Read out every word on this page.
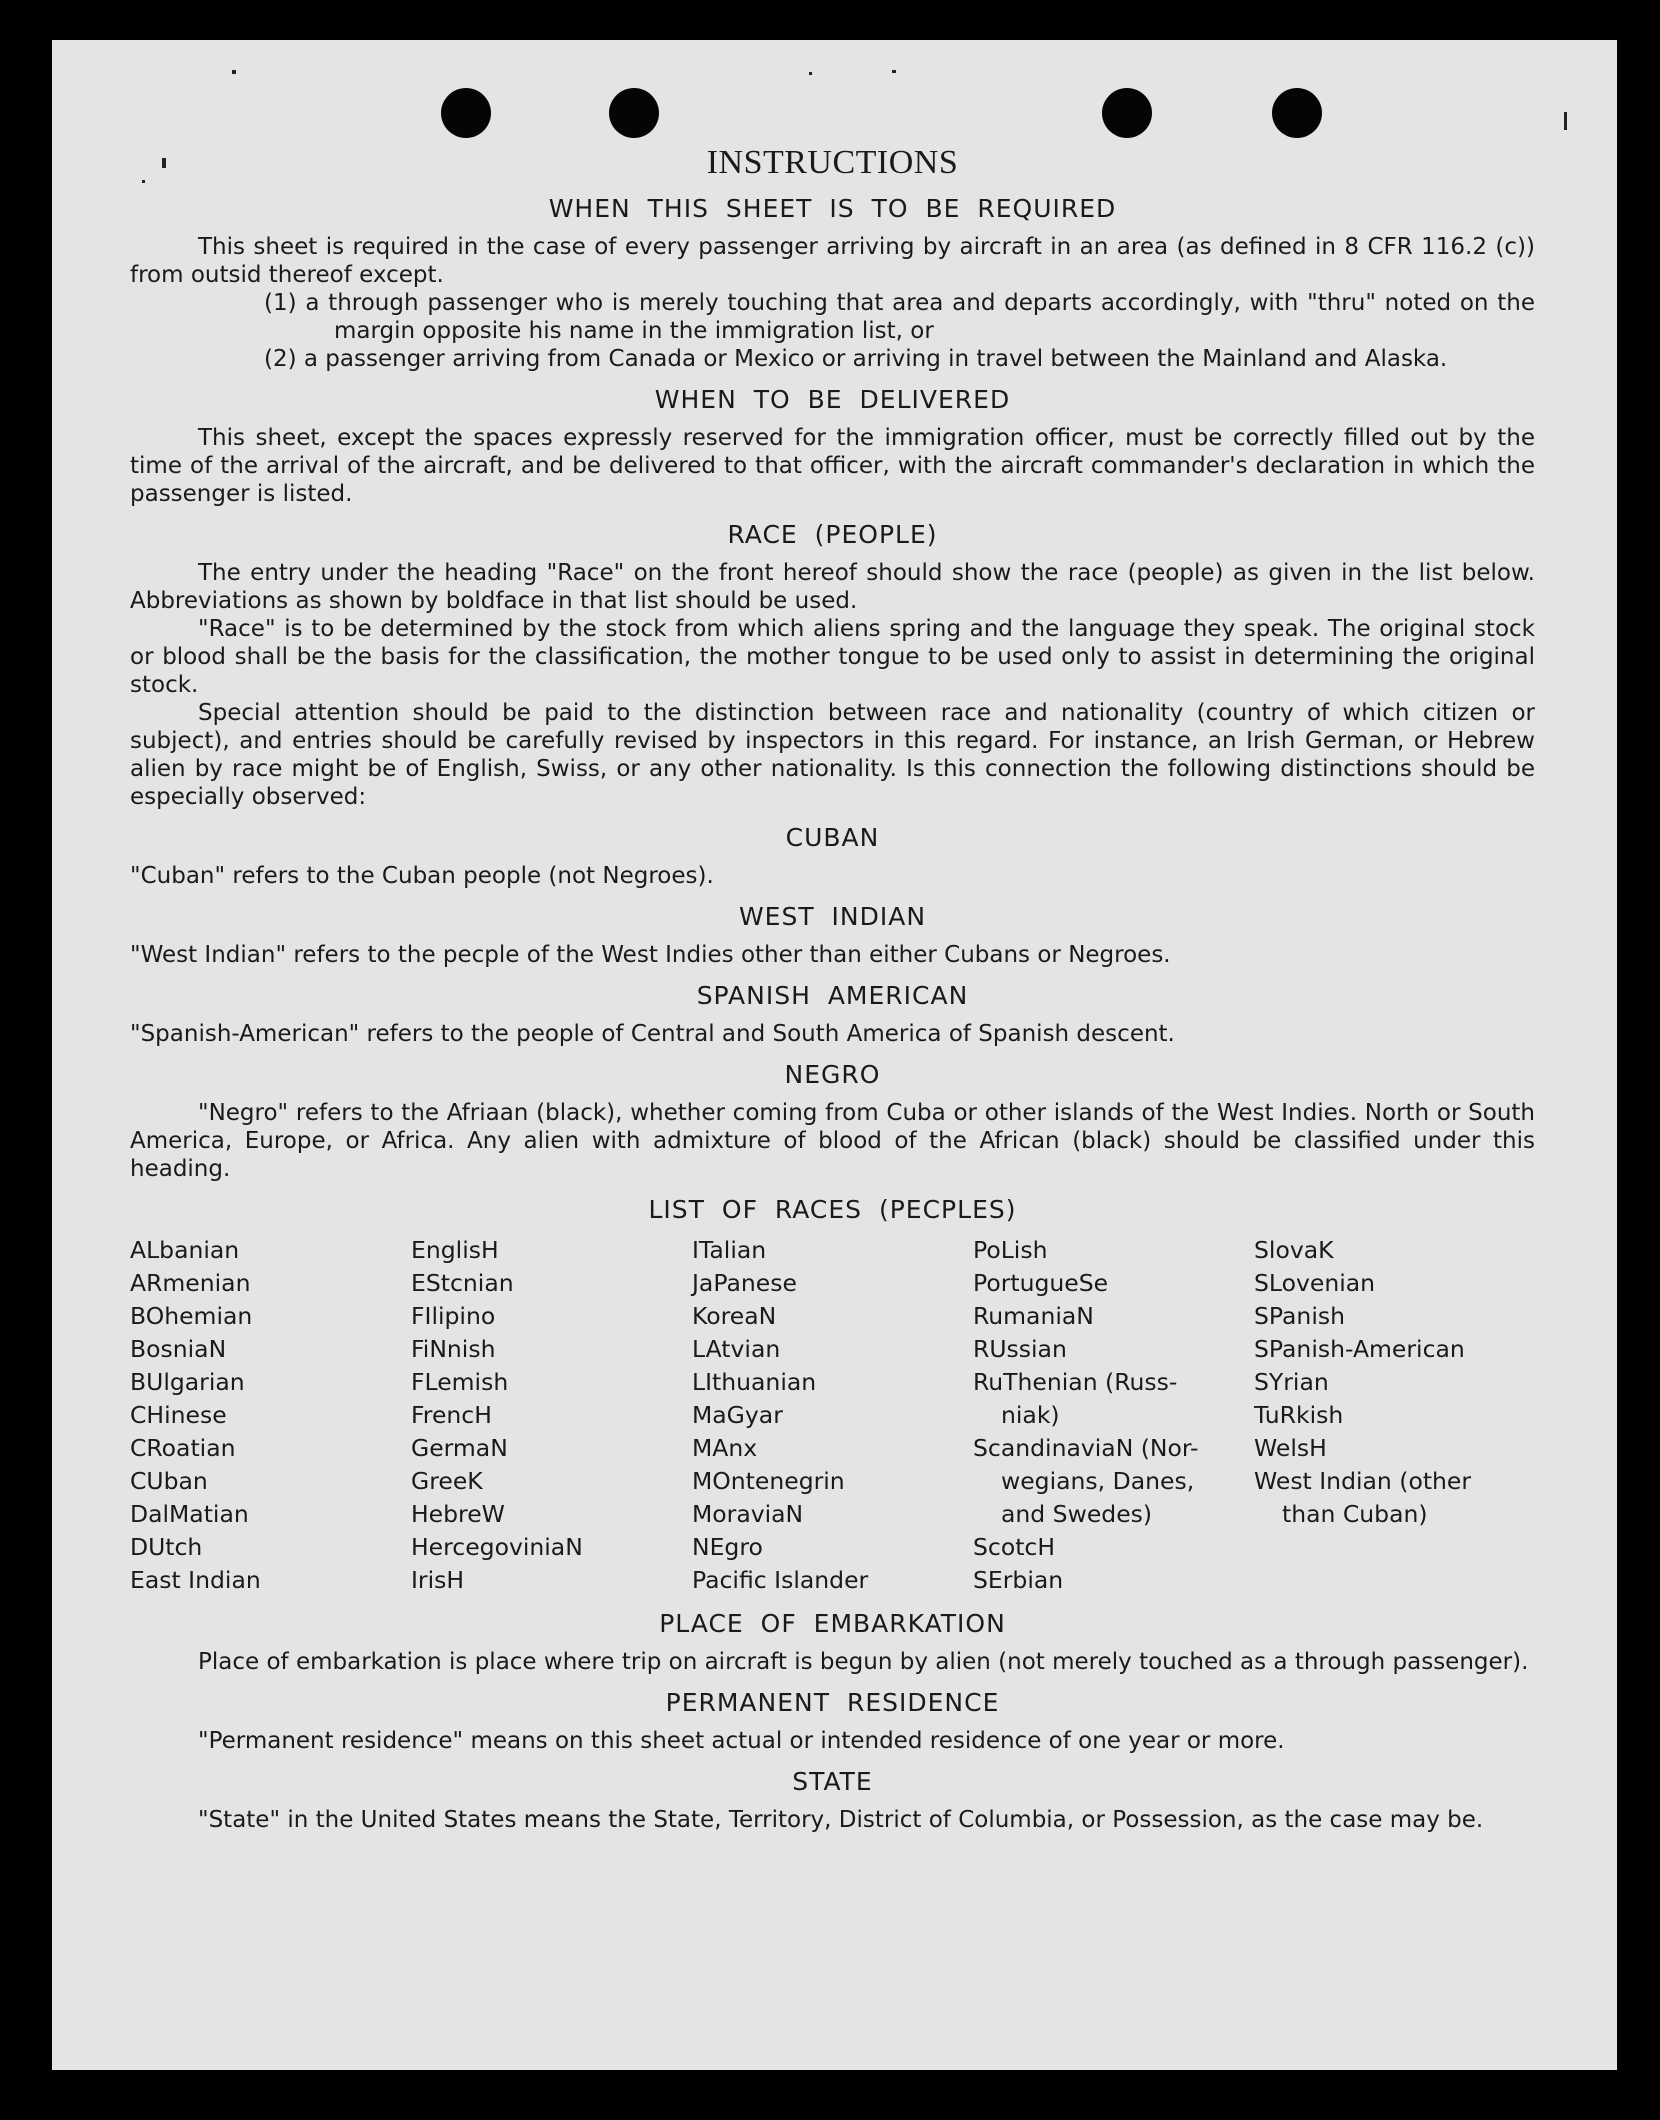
INSTRUCTIONS
WHEN THIS SHEET IS TO BE REQUIRED

This sheet is required in the case of every passenger arriving by aircraft in an area (as defined in 8 CFR 116.2 (c)) from outsid thereof except.

(1) a through passenger who is merely touching that area and departs accordingly, with "thru" noted on the margin opposite his name in the immigration list, or
(2) a passenger arriving from Canada or Mexico or arriving in travel between the Mainland and Alaska.
WHEN TO BE DELIVERED

This sheet, except the spaces expressly reserved for the immigration officer, must be correctly filled out by the time of the arrival of the aircraft, and be delivered to that officer, with the aircraft commander's declaration in which the passenger is listed.

RACE (PEOPLE)

The entry under the heading "Race" on the front hereof should show the race (people) as given in the list below. Abbreviations as shown by boldface in that list should be used.

"Race" is to be determined by the stock from which aliens spring and the language they speak. The original stock or blood shall be the basis for the classification, the mother tongue to be used only to assist in determining the original stock.

Special attention should be paid to the distinction between race and nationality (country of which citizen or subject), and entries should be carefully revised by inspectors in this regard. For instance, an Irish German, or Hebrew alien by race might be of English, Swiss, or any other nationality. Is this connection the following distinctions should be especially observed:

CUBAN

"Cuban" refers to the Cuban people (not Negroes).

WEST INDIAN

"West Indian" refers to the pecple of the West Indies other than either Cubans or Negroes.

SPANISH AMERICAN

"Spanish-American" refers to the people of Central and South America of Spanish descent.

NEGRO

"Negro" refers to the Afriaan (black), whether coming from Cuba or other islands of the West Indies. North or South America, Europe, or Africa. Any alien with admixture of blood of the African (black) should be classified under this heading.

LIST OF RACES (PECPLES)
ALbanian
ARmenian
BOhemian
BosniaN
BUlgarian
CHinese
CRoatian
CUban
DalMatian
DUtch
East Indian
EnglisH
EStcnian
FIlipino
FiNnish
FLemish
FrencH
GermaN
GreeK
HebreW
HercegoviniaN
IrisH
ITalian
JaPanese
KoreaN
LAtvian
LIthuanian
MaGyar
MAnx
MOntenegrin
MoraviaN
NEgro
Pacific Islander
PoLish
PortugueSe
RumaniaN
RUssian
RuThenian (Russ-
niak)
ScandinaviaN (Nor-
wegians, Danes,
and Swedes)
ScotcH
SErbian
SlovaK
SLovenian
SPanish
SPanish-American
SYrian
TuRkish
WelsH
West Indian (other
than Cuban)
PLACE OF EMBARKATION

Place of embarkation is place where trip on aircraft is begun by alien (not merely touched as a through passenger).

PERMANENT RESIDENCE

"Permanent residence" means on this sheet actual or intended residence of one year or more.

STATE

"State" in the United States means the State, Territory, District of Columbia, or Possession, as the case may be.
